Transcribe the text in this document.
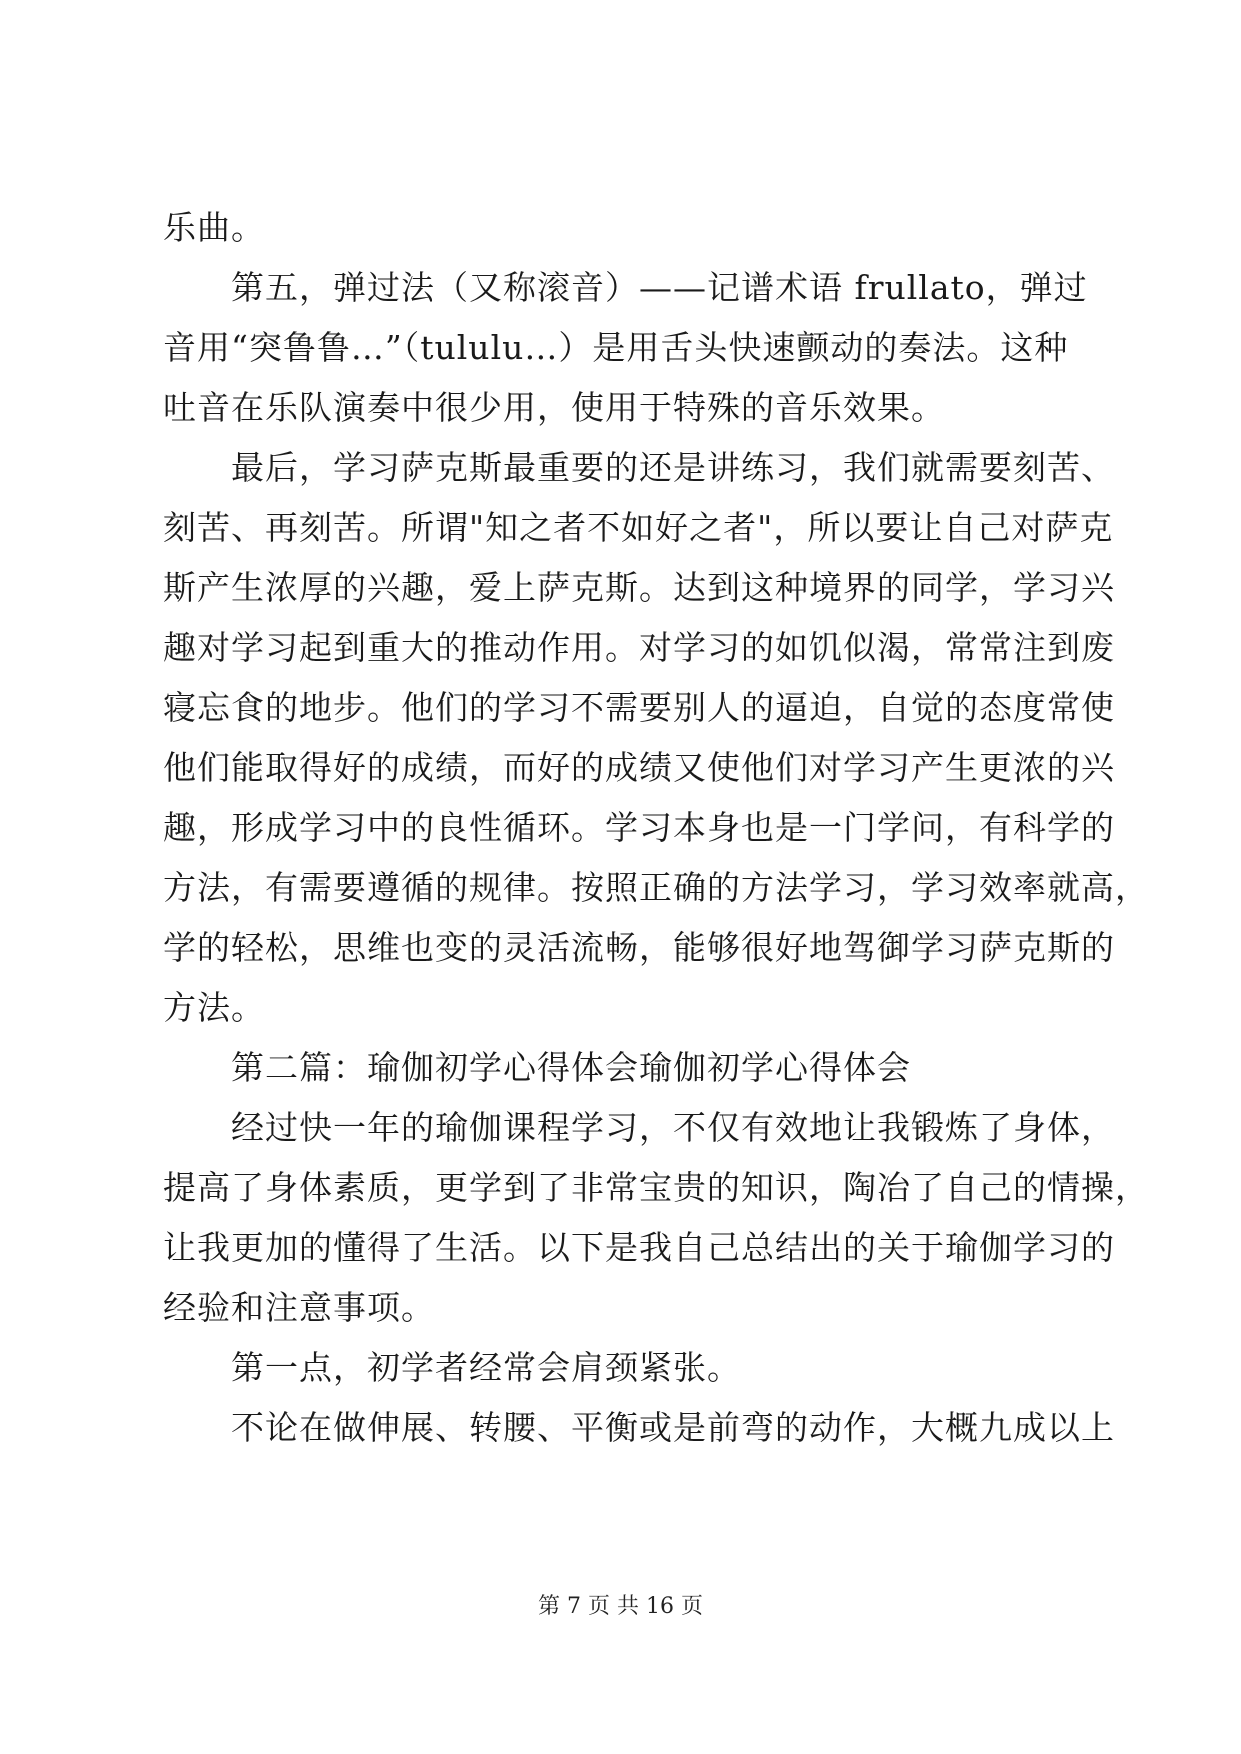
乐曲。

第五，弹过法（又称滚音）——记谱术语 frullato，弹过

音用“突鲁鲁…”（tululu…）是用舌头快速颤动的奏法。这种

吐音在乐队演奏中很少用，使用于特殊的音乐效果。

最后，学习萨克斯最重要的还是讲练习，我们就需要刻苦、

刻苦、再刻苦。所谓"知之者不如好之者"，所以要让自己对萨克

斯产生浓厚的兴趣，爱上萨克斯。达到这种境界的同学，学习兴

趣对学习起到重大的推动作用。对学习的如饥似渴，常常注到废

寝忘食的地步。他们的学习不需要别人的逼迫，自觉的态度常使

他们能取得好的成绩，而好的成绩又使他们对学习产生更浓的兴

趣，形成学习中的良性循环。学习本身也是一门学问，有科学的

方法，有需要遵循的规律。按照正确的方法学习，学习效率就高，

学的轻松，思维也变的灵活流畅，能够很好地驾御学习萨克斯的

方法。

第二篇：瑜伽初学心得体会瑜伽初学心得体会

经过快一年的瑜伽课程学习，不仅有效地让我锻炼了身体，

提高了身体素质，更学到了非常宝贵的知识，陶冶了自己的情操，

让我更加的懂得了生活。以下是我自己总结出的关于瑜伽学习的

经验和注意事项。

第一点，初学者经常会肩颈紧张。

不论在做伸展、转腰、平衡或是前弯的动作，大概九成以上

第 7 页 共 16 页
